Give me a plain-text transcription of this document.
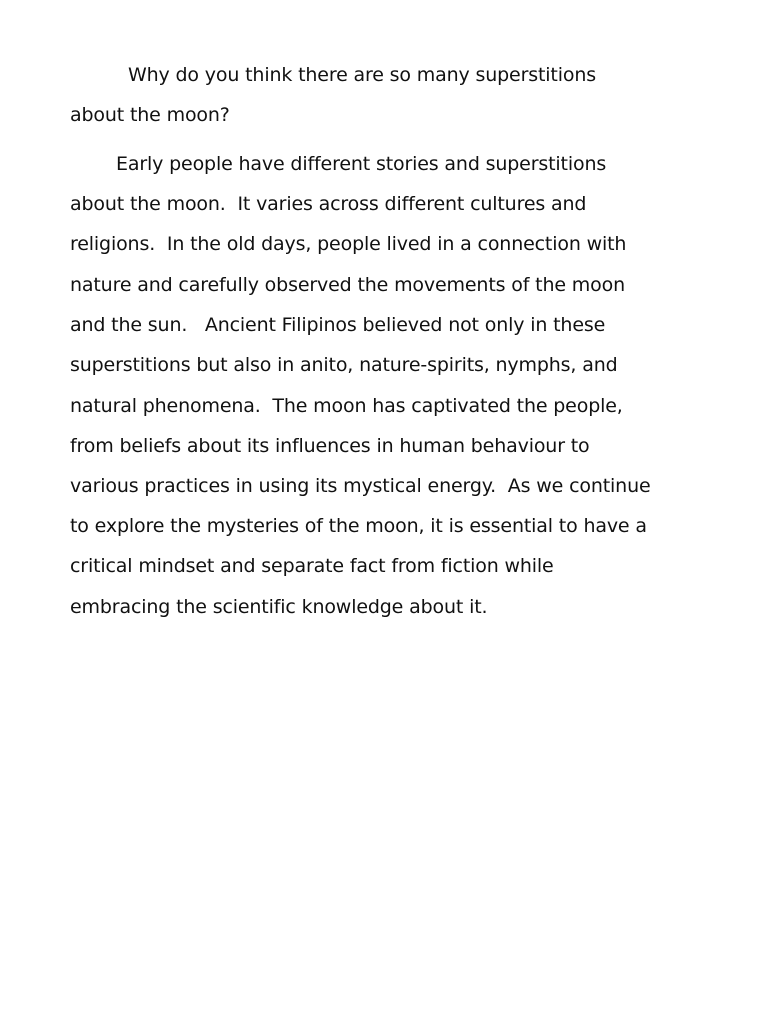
Why do you think there are so many superstitions
about the moon?
Early people have different stories and superstitions
about the moon.  It varies across different cultures and
religions.  In the old days, people lived in a connection with
nature and carefully observed the movements of the moon
and the sun.   Ancient Filipinos believed not only in these
superstitions but also in anito, nature-spirits, nymphs, and
natural phenomena.  The moon has captivated the people,
from beliefs about its influences in human behaviour to
various practices in using its mystical energy.  As we continue
to explore the mysteries of the moon, it is essential to have a
critical mindset and separate fact from fiction while
embracing the scientific knowledge about it.
